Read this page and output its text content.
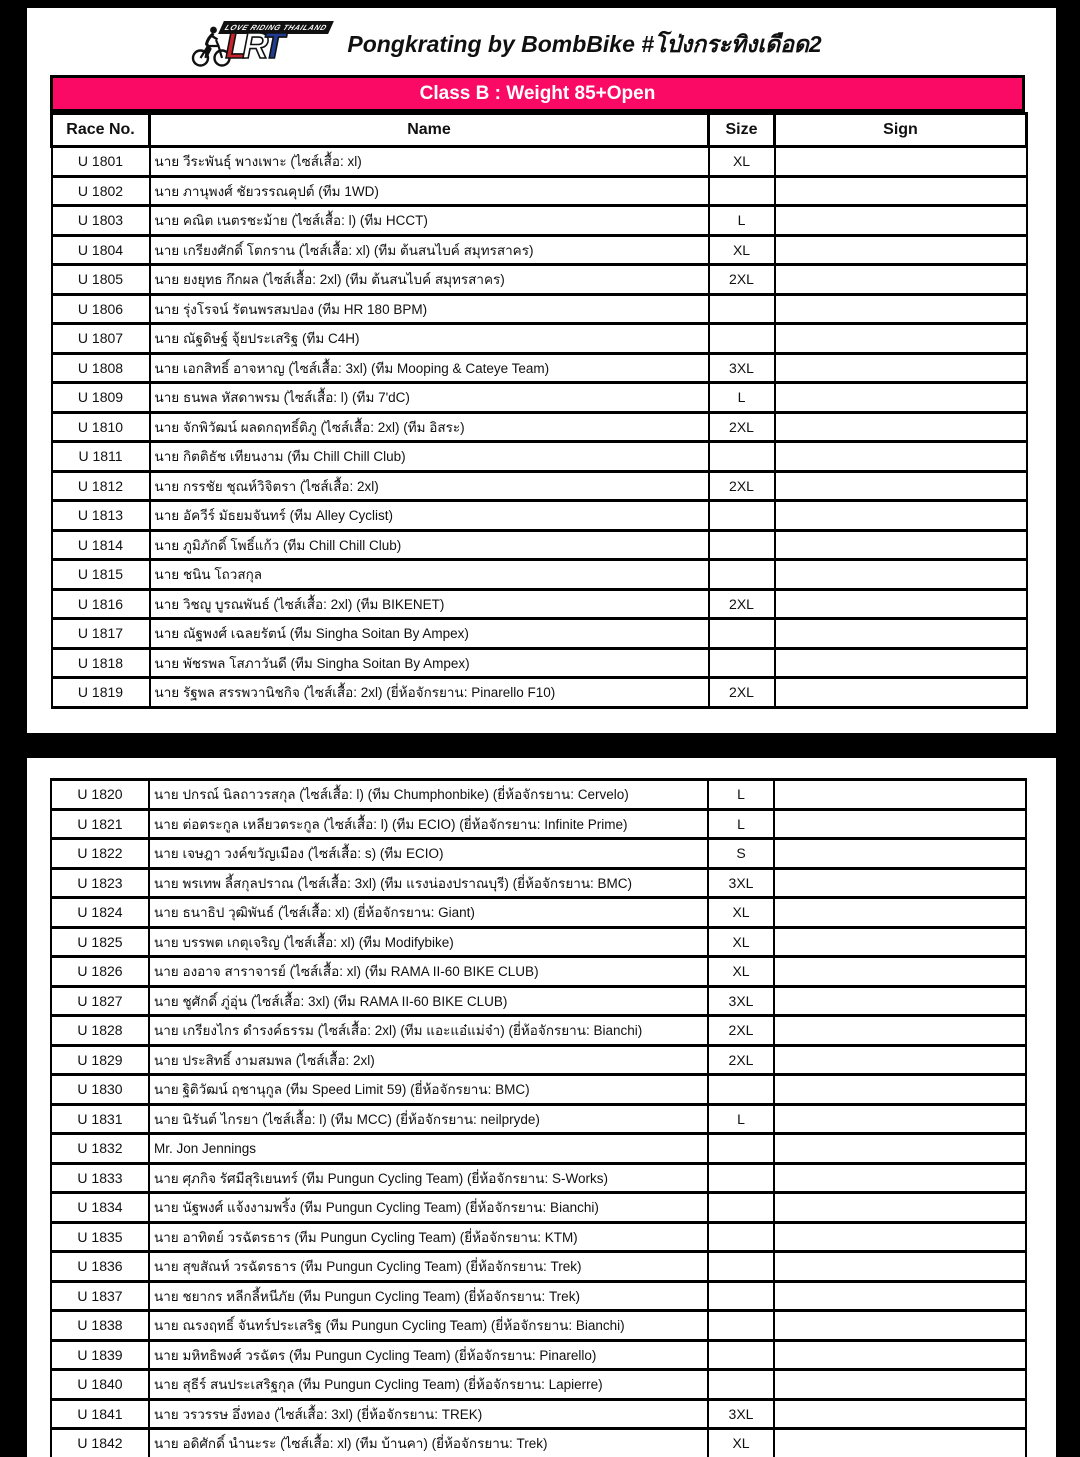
LOVE RIDING THAILAND
LRT	Pongkrating by BombBike #โป่งกระทิงเดือด2
Class B : Weight 85+Open
Race No.	Name	Size	Sign
U 1801	นาย วีระพันธุ์ พางเพาะ (ไซส์เสื้อ: xl)	XL	
U 1802	นาย ภานุพงศ์ ชัยวรรณคุปต์ (ทีม 1WD)		
U 1803	นาย คณิต เนตรชะม้าย (ไซส์เสื้อ: l) (ทีม HCCT)	L	
U 1804	นาย เกรียงศักดิ์ โตกราน (ไซส์เสื้อ: xl) (ทีม ต้นสนไบค์ สมุทรสาคร)	XL	
U 1805	นาย ยงยุทธ กึกผล (ไซส์เสื้อ: 2xl) (ทีม ต้นสนไบค์ สมุทรสาคร)	2XL	
U 1806	นาย รุ่งโรจน์ รัตนพรสมปอง (ทีม HR 180 BPM)		
U 1807	นาย ณัฐดิษฐ์ จุ้ยประเสริฐ (ทีม C4H)		
U 1808	นาย เอกสิทธิ์ อาจหาญ (ไซส์เสื้อ: 3xl) (ทีม Mooping & Cateye Team)	3XL	
U 1809	นาย ธนพล หัสดาพรม (ไซส์เสื้อ: l) (ทีม 7'dC)	L	
U 1810	นาย จักพิวัฒน์ ผลดกฤทธิ์ติภู (ไซส์เสื้อ: 2xl) (ทีม อิสระ)	2XL	
U 1811	นาย กิตติธัช เทียนงาม (ทีม Chill Chill Club)		
U 1812	นาย กรรชัย ชุณห์วิจิตรา (ไซส์เสื้อ: 2xl)	2XL	
U 1813	นาย อัควีร์ มัธยมจันทร์ (ทีม Alley Cyclist)		
U 1814	นาย ภูมิภักดิ์ โพธิ์แก้ว (ทีม Chill Chill Club)		
U 1815	นาย ชนิน โถวสกุล		
U 1816	นาย วิชญู บูรณพันธ์ (ไซส์เสื้อ: 2xl) (ทีม BIKENET)	2XL	
U 1817	นาย ณัฐพงศ์ เฉลยรัตน์ (ทีม Singha Soitan By Ampex)		
U 1818	นาย พัชรพล โสภาวันดี (ทีม Singha Soitan By Ampex)		
U 1819	นาย รัฐพล สรรพวานิชกิจ (ไซส์เสื้อ: 2xl) (ยี่ห้อจักรยาน: Pinarello F10)	2XL	
U 1820	นาย ปกรณ์ นิลถาวรสกุล (ไซส์เสื้อ: l) (ทีม Chumphonbike) (ยี่ห้อจักรยาน: Cervelo)	L	
U 1821	นาย ต่อตระกูล เหลียวตระกูล (ไซส์เสื้อ: l) (ทีม ECIO) (ยี่ห้อจักรยาน: Infinite Prime)	L	
U 1822	นาย เจษฎา วงค์ขวัญเมือง (ไซส์เสื้อ: s) (ทีม ECIO)	S	
U 1823	นาย พรเทพ ลี้สกุลปราณ (ไซส์เสื้อ: 3xl) (ทีม แรงน่องปราณบุรี) (ยี่ห้อจักรยาน: BMC)	3XL	
U 1824	นาย ธนาธิป วุฒิพันธ์ (ไซส์เสื้อ: xl) (ยี่ห้อจักรยาน: Giant)	XL	
U 1825	นาย บรรพต เกตุเจริญ (ไซส์เสื้อ: xl) (ทีม Modifybike)	XL	
U 1826	นาย องอาจ สาราจารย์ (ไซส์เสื้อ: xl) (ทีม RAMA II-60 BIKE CLUB)	XL	
U 1827	นาย ชูศักดิ์ ภู่อุ่น (ไซส์เสื้อ: 3xl) (ทีม RAMA II-60 BIKE CLUB)	3XL	
U 1828	นาย เกรียงไกร ดำรงค์ธรรม (ไซส์เสื้อ: 2xl) (ทีม แอะแอ๋แม่จ๋า) (ยี่ห้อจักรยาน: Bianchi)	2XL	
U 1829	นาย ประสิทธิ์ งามสมพล (ไซส์เสื้อ: 2xl)	2XL	
U 1830	นาย ฐิติวัฒน์ ฤชานุกูล (ทีม Speed Limit 59) (ยี่ห้อจักรยาน: BMC)		
U 1831	นาย นิรันต์ ไกรยา (ไซส์เสื้อ: l) (ทีม MCC) (ยี่ห้อจักรยาน: neilpryde)	L	
U 1832	Mr. Jon Jennings		
U 1833	นาย ศุภกิจ รัศมีสุริเยนทร์ (ทีม Pungun Cycling Team) (ยี่ห้อจักรยาน: S-Works)		
U 1834	นาย นัฐพงศ์ แจ้งงามพริ้ง (ทีม Pungun Cycling Team) (ยี่ห้อจักรยาน: Bianchi)		
U 1835	นาย อาทิตย์ วรฉัตรธาร (ทีม Pungun Cycling Team) (ยี่ห้อจักรยาน: KTM)		
U 1836	นาย สุขสัณห์ วรฉัตรธาร (ทีม Pungun Cycling Team) (ยี่ห้อจักรยาน: Trek)		
U 1837	นาย ชยากร หลีกลี้หนีภัย (ทีม Pungun Cycling Team) (ยี่ห้อจักรยาน: Trek)		
U 1838	นาย ณรงฤทธิ์ จันทร์ประเสริฐ (ทีม Pungun Cycling Team) (ยี่ห้อจักรยาน: Bianchi)		
U 1839	นาย มหิทธิพงศ์ วรฉัตร (ทีม Pungun Cycling Team) (ยี่ห้อจักรยาน: Pinarello)		
U 1840	นาย สุธีร์ สนประเสริฐกุล (ทีม Pungun Cycling Team) (ยี่ห้อจักรยาน: Lapierre)		
U 1841	นาย วรวรรษ อึ่งทอง (ไซส์เสื้อ: 3xl) (ยี่ห้อจักรยาน: TREK)	3XL	
U 1842	นาย อดิศักดิ์ นำนะระ (ไซส์เสื้อ: xl) (ทีม บ้านคา) (ยี่ห้อจักรยาน: Trek)	XL	
